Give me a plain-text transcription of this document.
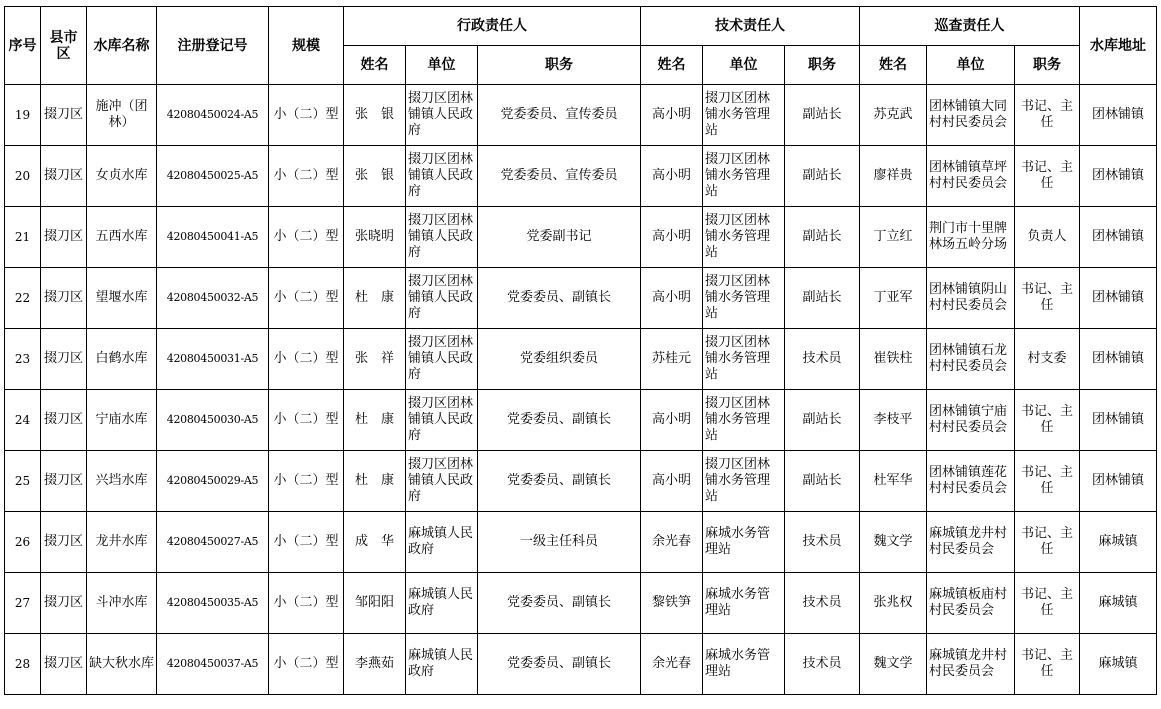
序号	县市区	水库名称	注册登记号	规模	行政责任人			技术责任人			巡查责任人			水库地址
					姓名	单位	职务	姓名	单位	职务	姓名	单位	职务	
19	掇刀区	施冲（团林）	42080450024-A5	小（二）型	张　银	掇刀区团林铺镇人民政府	党委委员、宣传委员	高小明	掇刀区团林铺水务管理站	副站长	苏克武	团林铺镇大同村村民委员会	书记、主任	团林铺镇
20	掇刀区	女贞水库	42080450025-A5	小（二）型	张　银	掇刀区团林铺镇人民政府	党委委员、宣传委员	高小明	掇刀区团林铺水务管理站	副站长	廖祥贵	团林铺镇草坪村村民委员会	书记、主任	团林铺镇
21	掇刀区	五西水库	42080450041-A5	小（二）型	张晓明	掇刀区团林铺镇人民政府	党委副书记	高小明	掇刀区团林铺水务管理站	副站长	丁立红	荆门市十里牌林场五岭分场	负责人	团林铺镇
22	掇刀区	望堰水库	42080450032-A5	小（二）型	杜　康	掇刀区团林铺镇人民政府	党委委员、副镇长	高小明	掇刀区团林铺水务管理站	副站长	丁亚军	团林铺镇阴山村村民委员会	书记、主任	团林铺镇
23	掇刀区	白鹤水库	42080450031-A5	小（二）型	张　祥	掇刀区团林铺镇人民政府	党委组织委员	苏桂元	掇刀区团林铺水务管理站	技术员	崔铁柱	团林铺镇石龙村村民委员会	村支委	团林铺镇
24	掇刀区	宁庙水库	42080450030-A5	小（二）型	杜　康	掇刀区团林铺镇人民政府	党委委员、副镇长	高小明	掇刀区团林铺水务管理站	副站长	李枝平	团林铺镇宁庙村村民委员会	书记、主任	团林铺镇
25	掇刀区	兴垱水库	42080450029-A5	小（二）型	杜　康	掇刀区团林铺镇人民政府	党委委员、副镇长	高小明	掇刀区团林铺水务管理站	副站长	杜军华	团林铺镇莲花村村民委员会	书记、主任	团林铺镇
26	掇刀区	龙井水库	42080450027-A5	小（二）型	成　华	麻城镇人民政府	一级主任科员	余光春	麻城水务管理站	技术员	魏文学	麻城镇龙井村村民委员会	书记、主任	麻城镇
27	掇刀区	斗冲水库	42080450035-A5	小（二）型	邹阳阳	麻城镇人民政府	党委委员、副镇长	黎铁笋	麻城水务管理站	技术员	张兆权	麻城镇板庙村村民委员会	书记、主任	麻城镇
28	掇刀区	缺大秋水库	42080450037-A5	小（二）型	李燕茹	麻城镇人民政府	党委委员、副镇长	余光春	麻城水务管理站	技术员	魏文学	麻城镇龙井村村民委员会	书记、主任	麻城镇
